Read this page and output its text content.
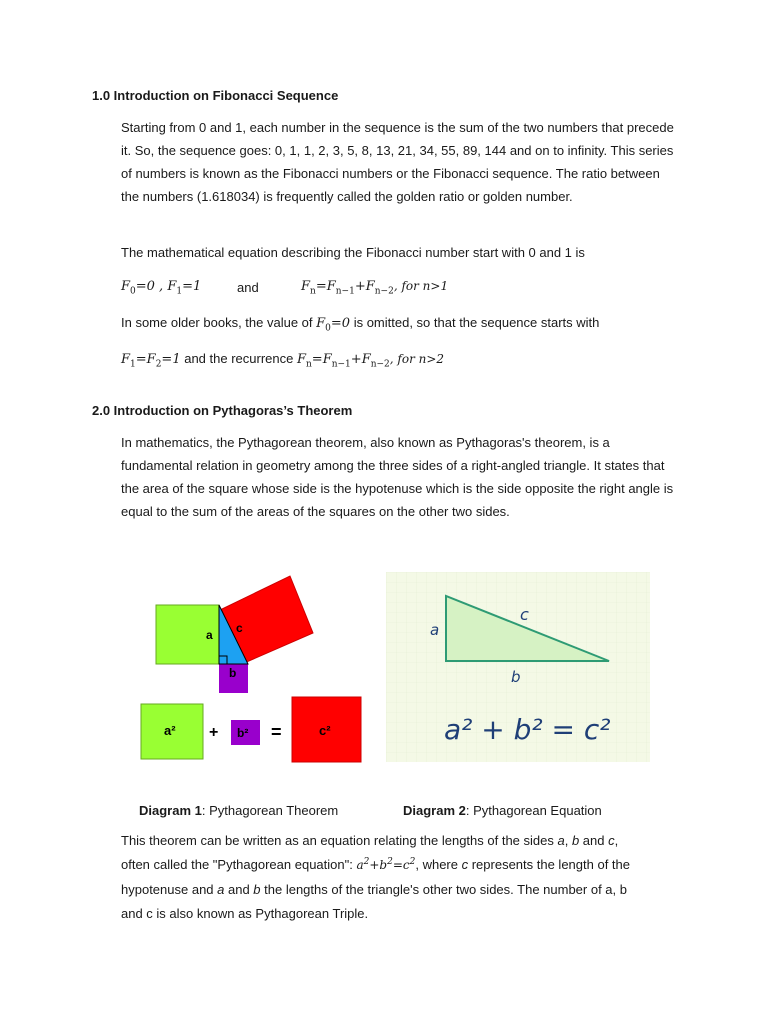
1.0 Introduction on Fibonacci Sequence
Starting from 0 and 1, each number in the sequence is the sum of the two numbers that precede it. So, the sequence goes: 0, 1, 1, 2, 3, 5, 8, 13, 21, 34, 55, 89, 144 and on to infinity. This series of numbers is known as the Fibonacci numbers or the Fibonacci sequence. The ratio between the numbers (1.618034) is frequently called the golden ratio or golden number.
The mathematical equation describing the Fibonacci number start with 0 and 1 is
$F_0=0$ , $F_1=1$	and	$F_n=F_{n-1}+F_{n-2}$, for n>1
In some older books, the value of $F_0=0$ is omitted, so that the sequence starts with
$F_1=F_2=1$ and the recurrence $F_n=F_{n-1}+F_{n-2}$, for n>2
2.0 Introduction on Pythagoras’s Theorem
In mathematics, the Pythagorean theorem, also known as Pythagoras's theorem, is a fundamental relation in geometry among the three sides of a right-angled triangle. It states that the area of the square whose side is the hypotenuse which is the side opposite the right angle is equal to the sum of the areas of the squares on the other two sides.
a c
b
a² + b² =	c²
a
c
b
a² + b² = c²
Diagram 1: Pythagorean Theorem	Diagram 2: Pythagorean Equation
This theorem can be written as an equation relating the lengths of the sides a, b and c,
often called the "Pythagorean equation": $a^2+b^2=c^2$, where c represents the length of the
hypotenuse and a and b the lengths of the triangle's other two sides. The number of a, b
and c is also known as Pythagorean Triple.
